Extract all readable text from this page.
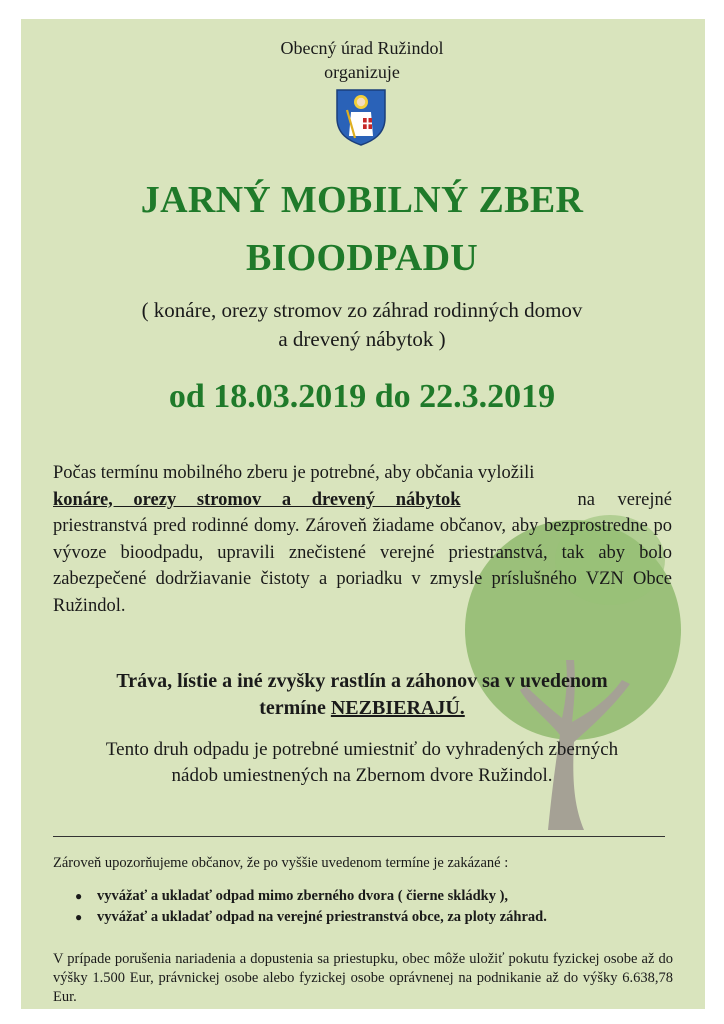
Obecný úrad Ružindol
organizuje
JARNÝ MOBILNÝ ZBER
BIOODPADU
( konáre, orezy stromov zo záhrad rodinných domov
a drevený nábytok )
od 18.03.2019 do 22.3.2019
Počas termínu mobilného zberu je potrebné, aby občania vyložili
konáre, orezy stromov a drevený nábytok	na verejné
priestranstvá pred rodinné domy. Zároveň žiadame občanov, aby bezprostredne po vývoze bioodpadu, upravili znečistené verejné priestranstvá, tak aby bolo zabezpečené dodržiavanie čistoty a poriadku v zmysle príslušného VZN Obce Ružindol.
Tráva, lístie a iné zvyšky rastlín a záhonov sa v uvedenom
termíne NEZBIERAJÚ.
Tento druh odpadu je potrebné umiestniť do vyhradených zberných
nádob umiestnených na Zbernom dvore Ružindol.
Zároveň upozorňujeme občanov, že po vyššie uvedenom termíne je zakázané :
●	vyvážať a ukladať odpad mimo zberného dvora ( čierne skládky ),
●	vyvážať a ukladať odpad na verejné priestranstvá obce, za ploty záhrad.
V prípade porušenia nariadenia a dopustenia sa priestupku, obec môže uložiť pokutu fyzickej osobe až do výšky 1.500 Eur, právnickej osobe alebo fyzickej osobe oprávnenej na podnikanie až do výšky 6.638,78 Eur.
